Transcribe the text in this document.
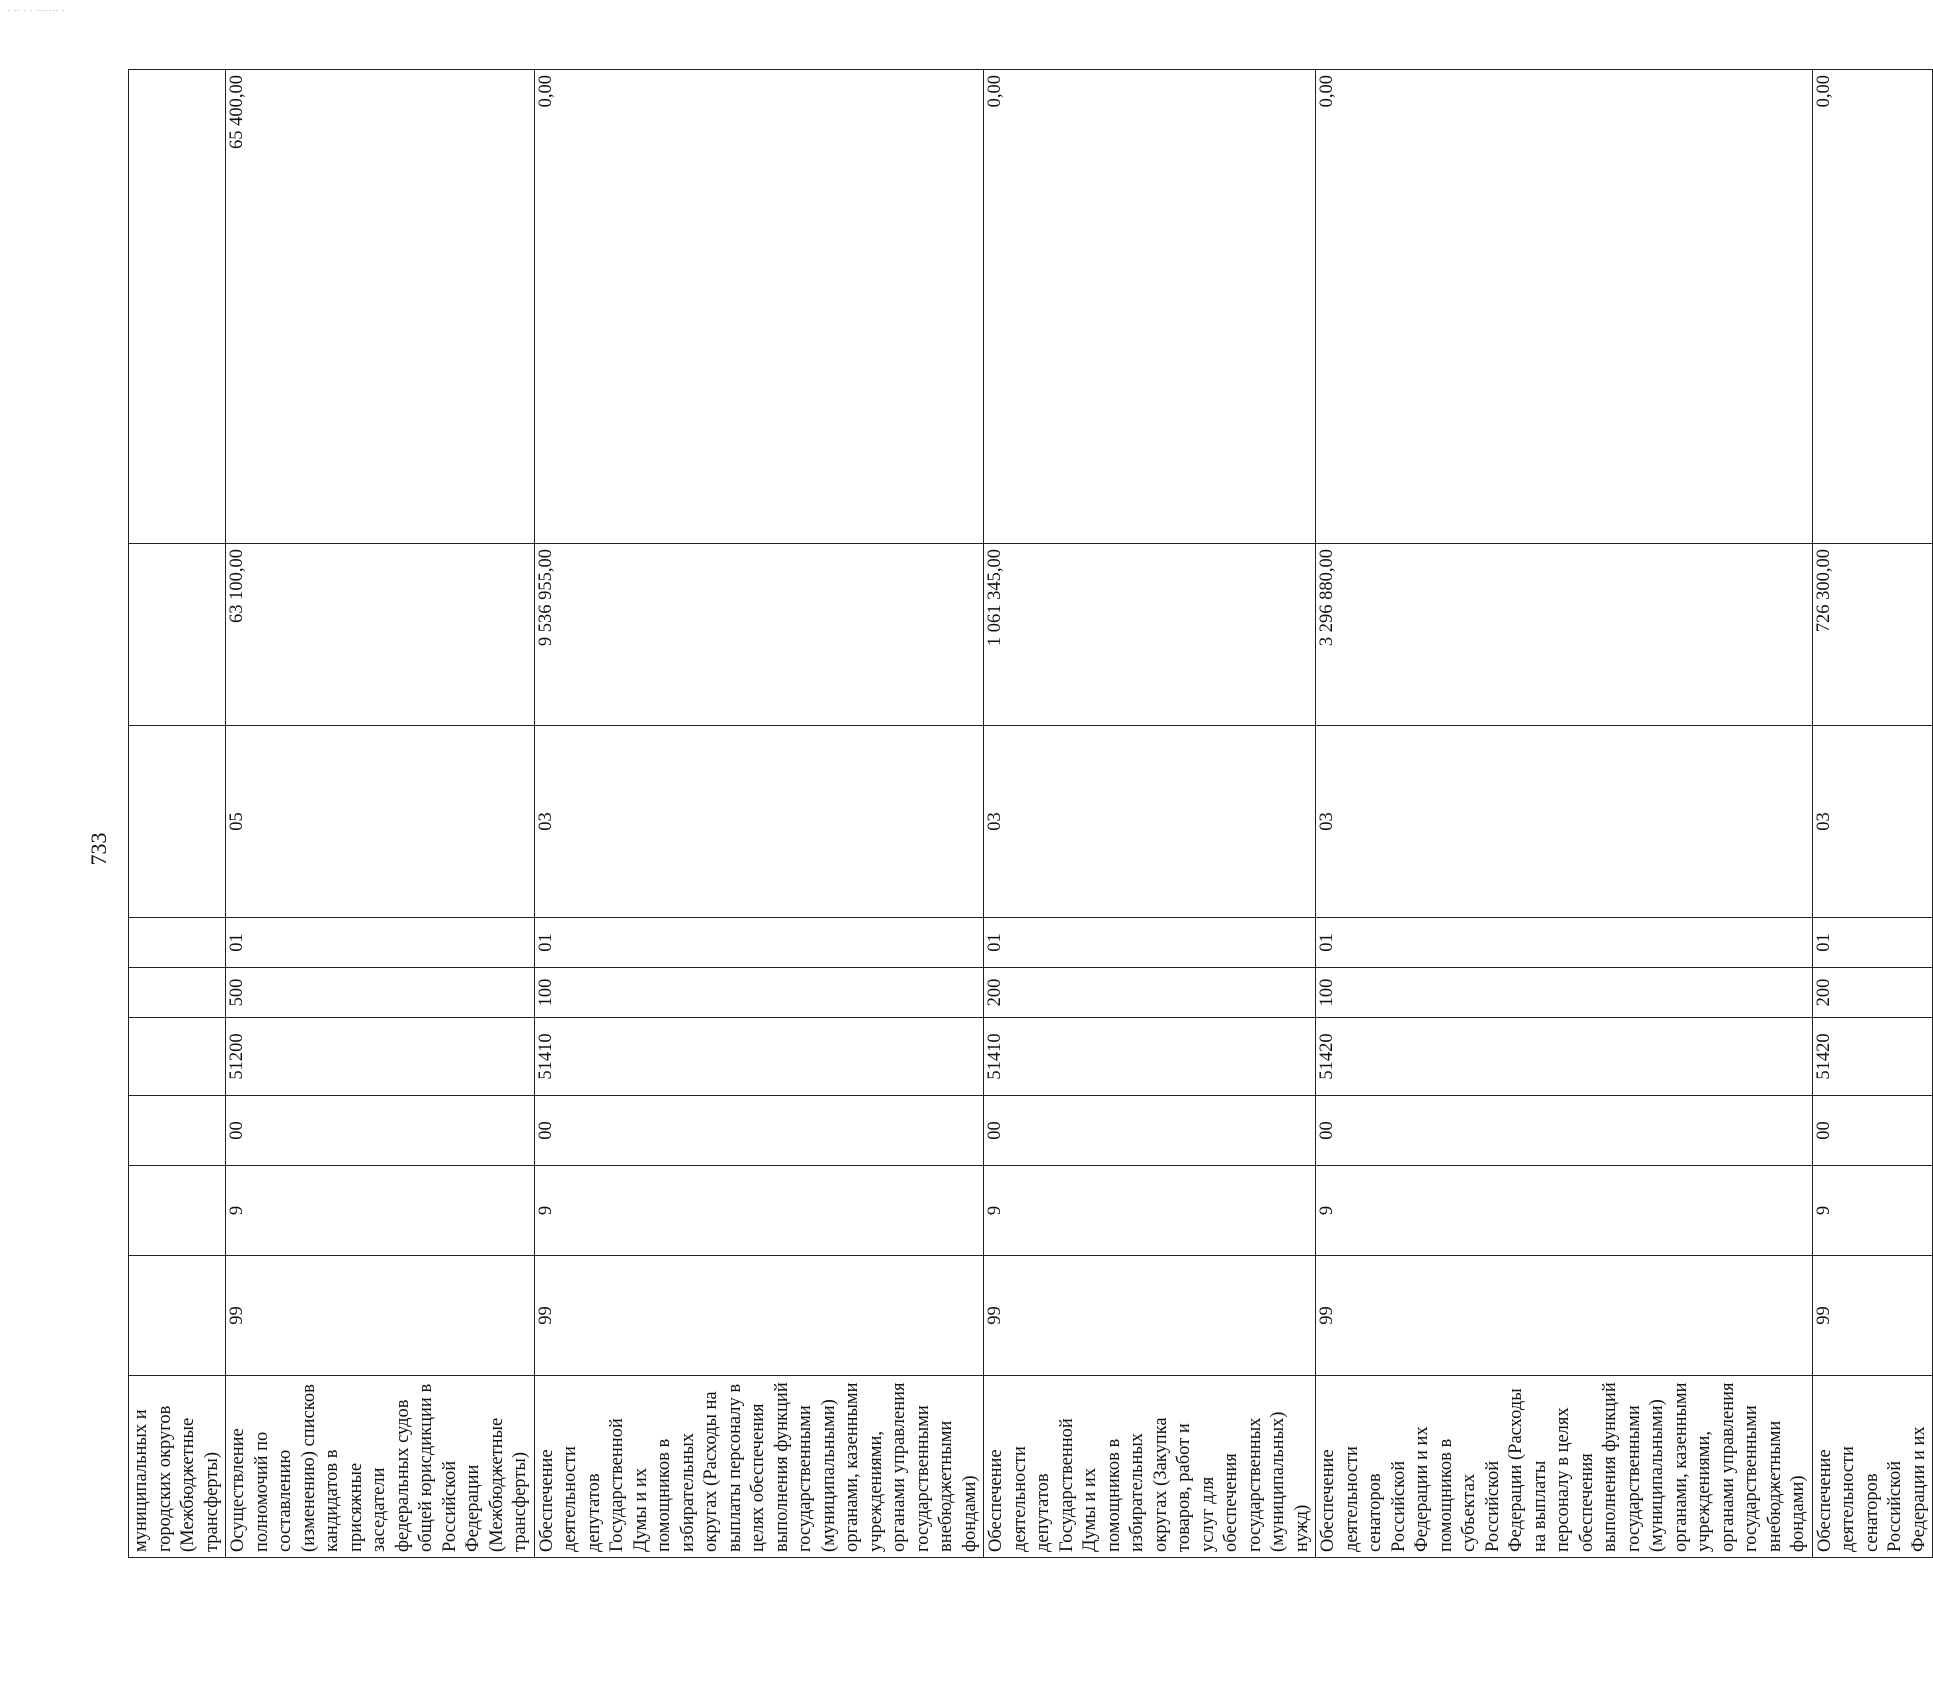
- -- - - ------- -
733
муниципальных и городских округов (Межбюджетные трансферты)										
Осуществление полномочий по составлению (изменению) списков кандидатов в присяжные заседатели федеральных судов общей юрисдикции в Российской Федерации (Межбюджетные трансферты)	99	9	00	51200	500	01	05	63 100,00	65 400,00	
Обеспечение деятельности депутатов Государственной Думы и их помощников в избирательных округах (Расходы на выплаты персоналу в целях обеспечения выполнения функций государственными (муниципальными) органами, казенными учреждениями, органами управления государственными внебюджетными фондами)	99	9	00	51410	100	01	03	9 536 955,00	0,00	
Обеспечение деятельности депутатов Государственной Думы и их помощников в избирательных округах (Закупка товаров, работ и услуг для обеспечения государственных (муниципальных) нужд)	99	9	00	51410	200	01	03	1 061 345,00	0,00	
Обеспечение деятельности сенаторов Российской Федерации и их помощников в субъектах Российской Федерации (Расходы на выплаты персоналу в целях обеспечения выполнения функций государственными (муниципальными) органами, казенными учреждениями, органами управления государственными внебюджетными фондами)	99	9	00	51420	100	01	03	3 296 880,00	0,00	
Обеспечение деятельности сенаторов Российской Федерации и их	99	9	00	51420	200	01	03	726 300,00	0,00	
